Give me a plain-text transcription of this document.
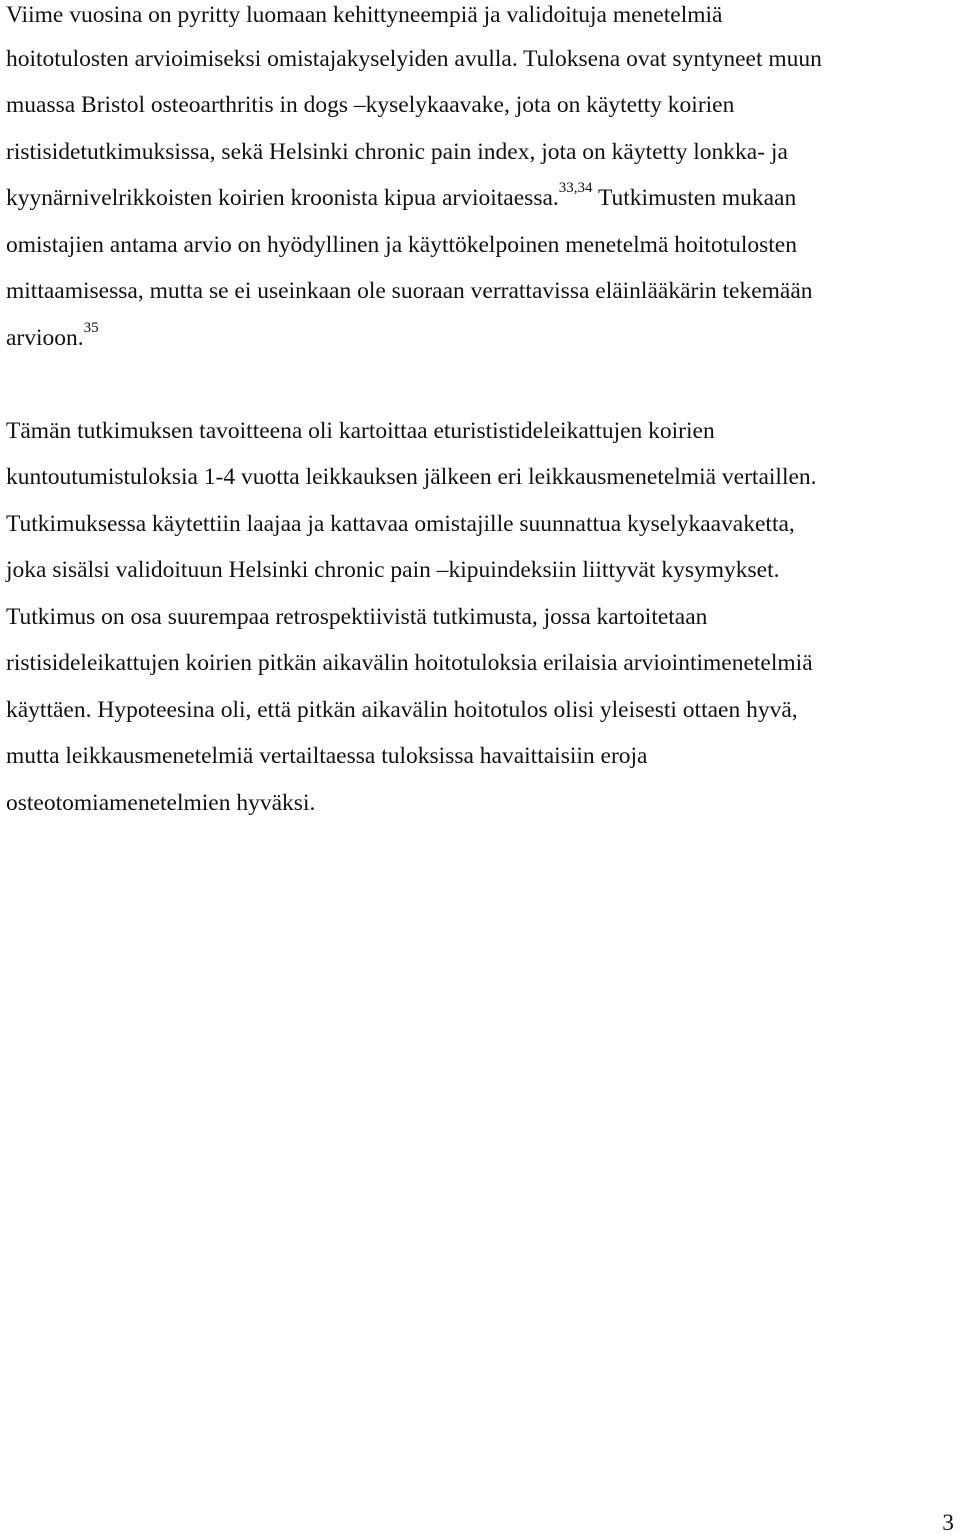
Viime vuosina on pyritty luomaan kehittyneempiä ja validoituja menetelmiä
hoitotulosten arvioimiseksi omistajakyselyiden avulla. Tuloksena ovat syntyneet muun
muassa Bristol osteoarthritis in dogs –kyselykaavake, jota on käytetty koirien
ristisidetutkimuksissa, sekä Helsinki chronic pain index, jota on käytetty lonkka- ja
kyynärnivelrikkoisten koirien kroonista kipua arvioitaessa.$^{33,34}$ Tutkimusten mukaan
omistajien antama arvio on hyödyllinen ja käyttökelpoinen menetelmä hoitotulosten
mittaamisessa, mutta se ei useinkaan ole suoraan verrattavissa eläinlääkärin tekemään
arvioon.$^{35}$
Tämän tutkimuksen tavoitteena oli kartoittaa eturististideleikattujen koirien
kuntoutumistuloksia 1-4 vuotta leikkauksen jälkeen eri leikkausmenetelmiä vertaillen.
Tutkimuksessa käytettiin laajaa ja kattavaa omistajille suunnattua kyselykaavaketta,
joka sisälsi validoituun Helsinki chronic pain –kipuindeksiin liittyvät kysymykset.
Tutkimus on osa suurempaa retrospektiivistä tutkimusta, jossa kartoitetaan
ristisideleikattujen koirien pitkän aikavälin hoitotuloksia erilaisia arviointimenetelmiä
käyttäen. Hypoteesina oli, että pitkän aikavälin hoitotulos olisi yleisesti ottaen hyvä,
mutta leikkausmenetelmiä vertailtaessa tuloksissa havaittaisiin eroja
osteotomiamenetelmien hyväksi.
3
